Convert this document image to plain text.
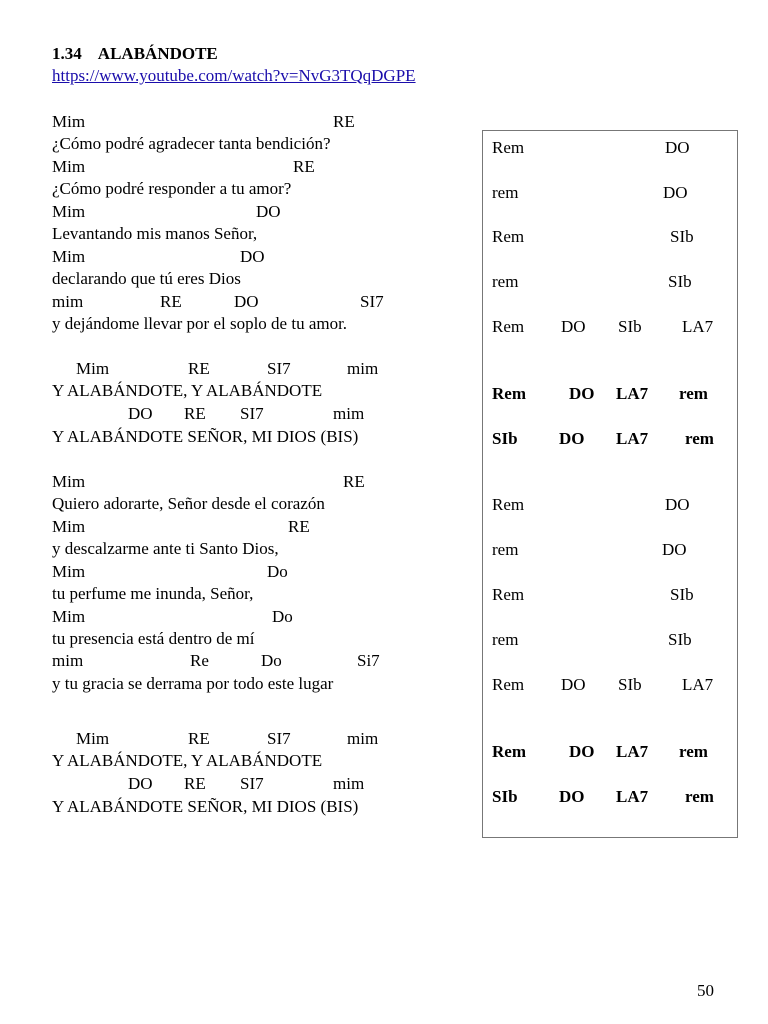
1.34    ALABÁNDOTE
https://www.youtube.com/watch?v=NvG3TQqDGPE
Mim	RE
¿Cómo podré agradecer tanta bendición?
Mim	RE
¿Cómo podré responder a tu amor?
Mim	DO
Levantando mis manos Señor,
Mim	DO
declarando que tú eres Dios
mim	RE	DO	SI7
y dejándome llevar por el soplo de tu amor.
Mim	RE	SI7	mim
Y ALABÁNDOTE, Y ALABÁNDOTE
DO RE SI7	mim
Y ALABÁNDOTE SEÑOR, MI DIOS (BIS)
Mim	RE
Quiero adorarte, Señor desde el corazón
Mim	RE
y descalzarme ante ti Santo Dios,
Mim	Do
tu perfume me inunda, Señor,
Mim	Do
tu presencia está dentro de mí
mim	Re	Do	Si7
y tu gracia se derrama por todo este lugar
Mim	RE	SI7	mim
Y ALABÁNDOTE, Y ALABÁNDOTE
DO RE SI7	mim
Y ALABÁNDOTE SEÑOR, MI DIOS (BIS)
Rem	DO
rem	DO
Rem	SIb
rem	SIb
Rem DO SIb LA7
Rem	DO LA7 rem
SIb DO LA7 rem
Rem	DO
rem	DO
Rem	SIb
rem	SIb
Rem DO SIb LA7
Rem	DO LA7 rem
SIb DO LA7 rem
50
